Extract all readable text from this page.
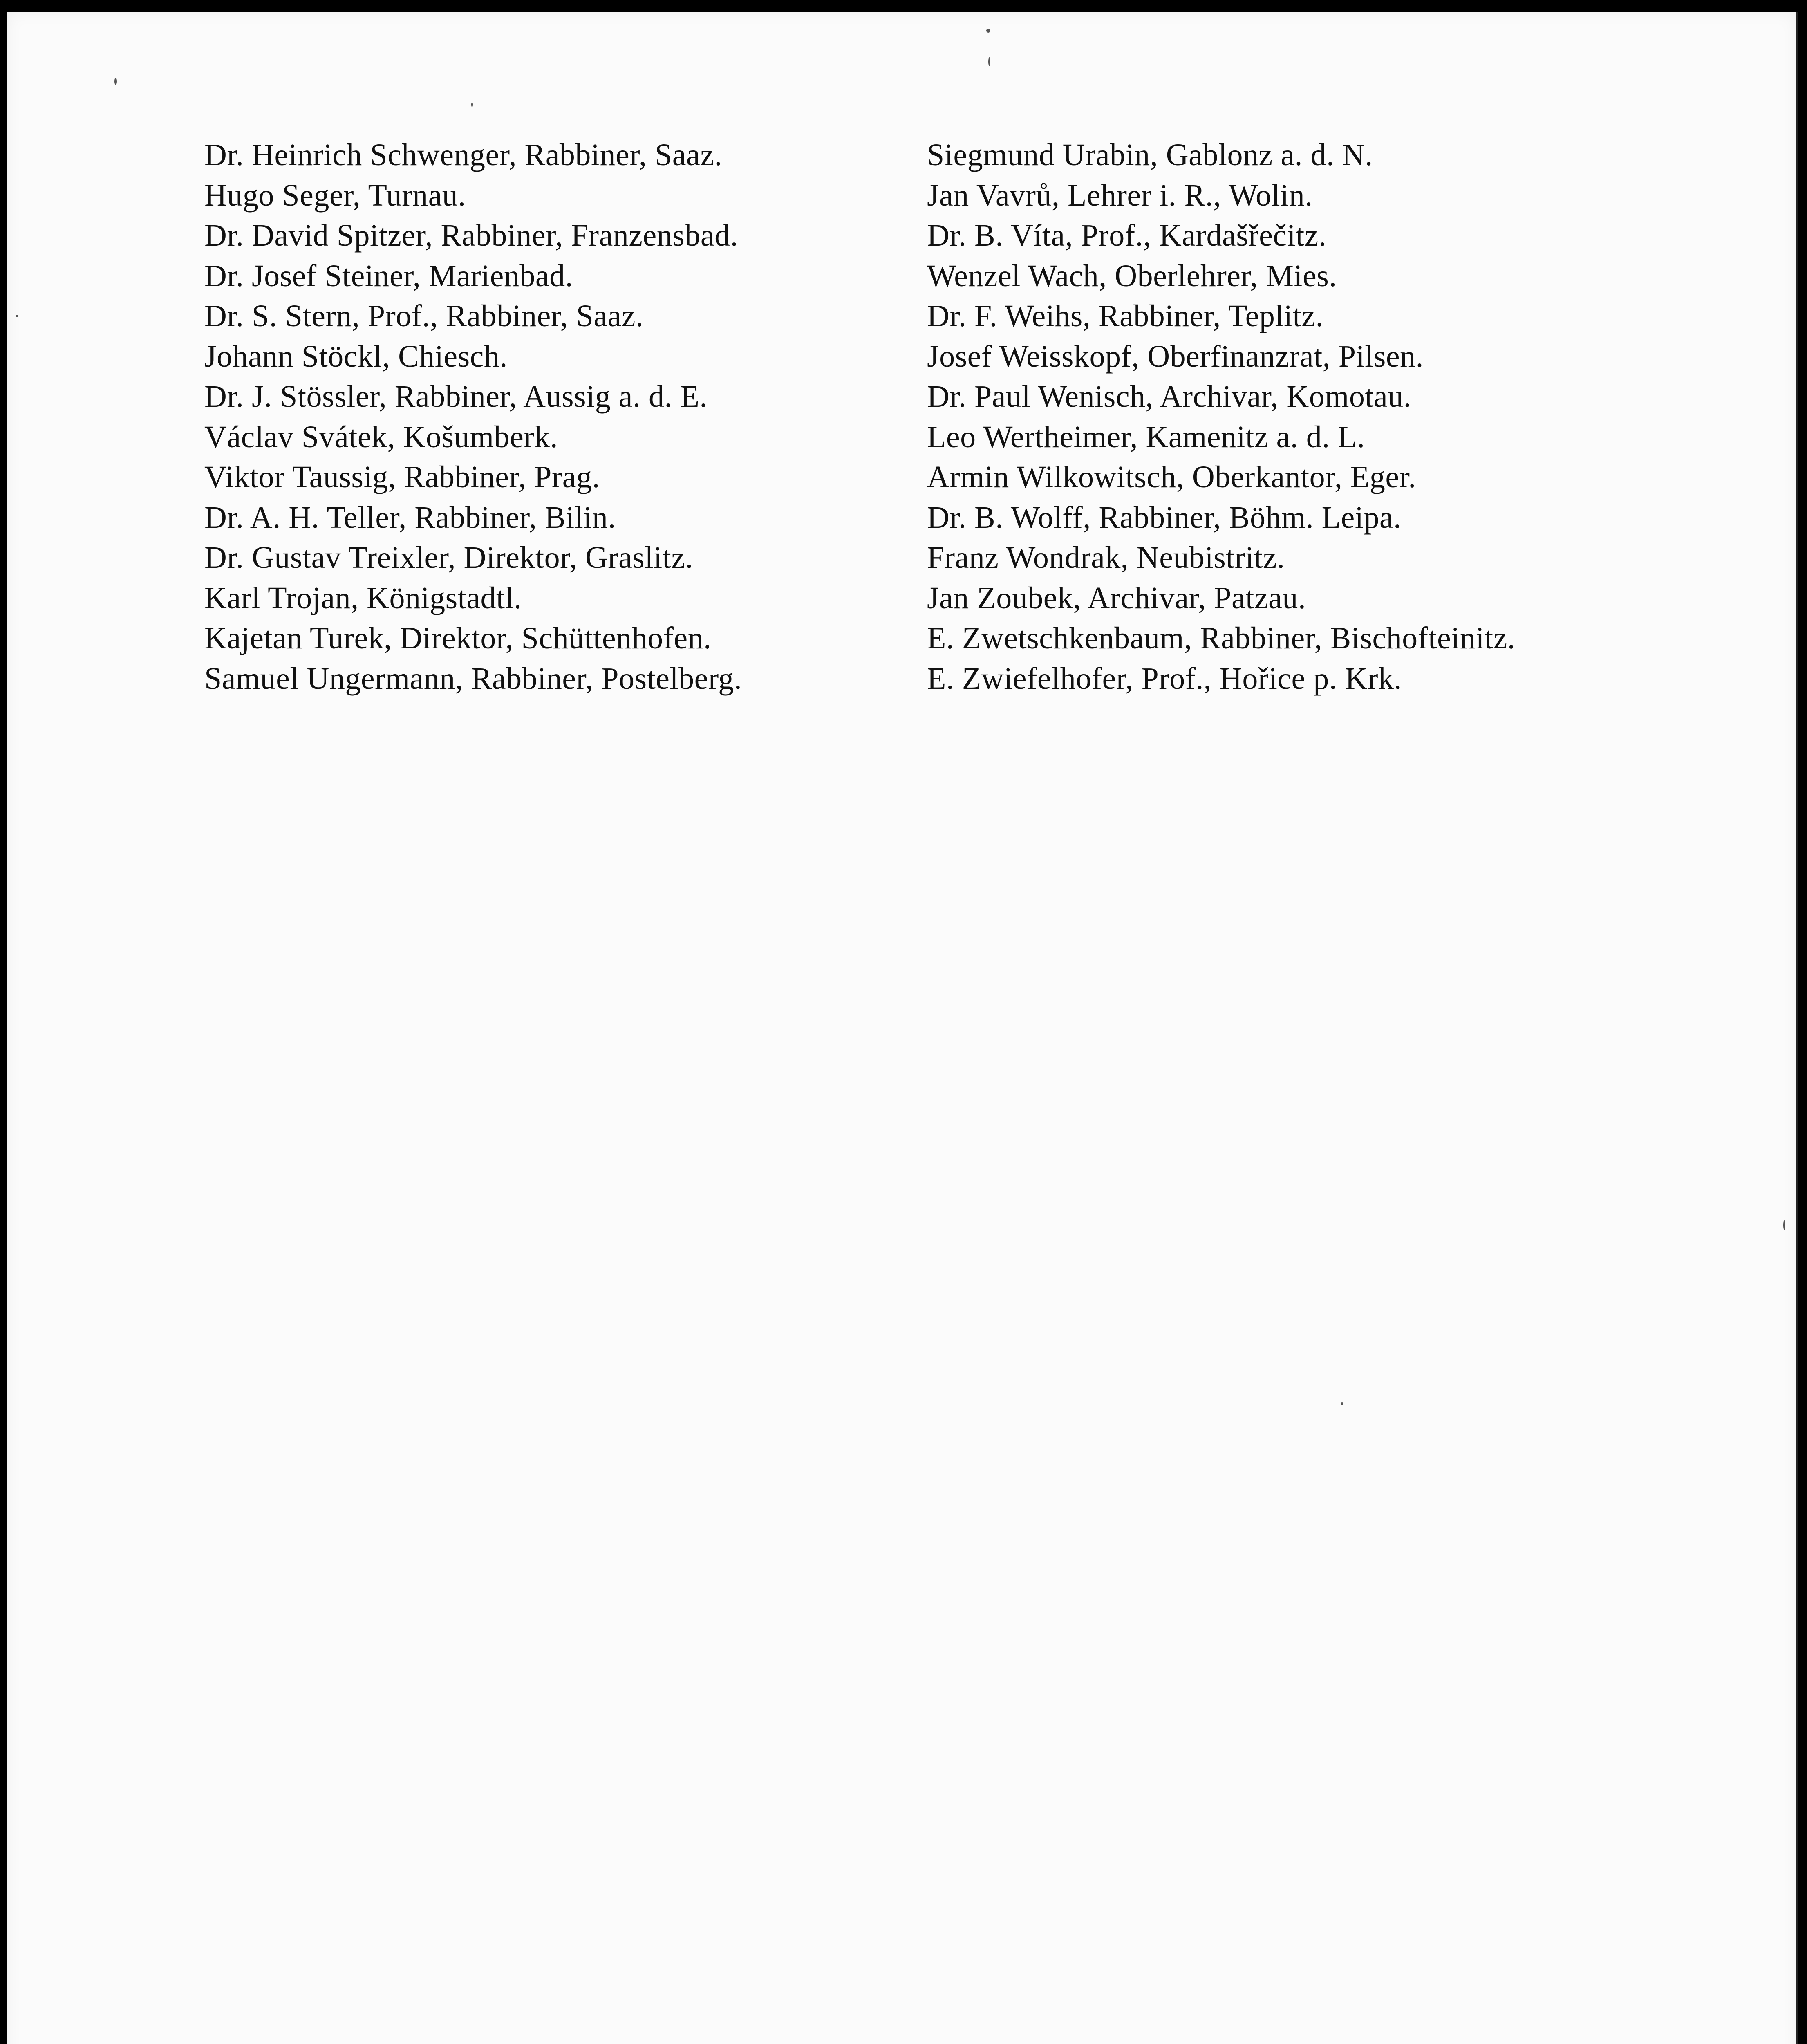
Dr. Heinrich Schwenger, Rabbiner, Saaz.
Hugo Seger, Turnau.
Dr. David Spitzer, Rabbiner, Franzensbad.
Dr. Josef Steiner, Marienbad.
Dr. S. Stern, Prof., Rabbiner, Saaz.
Johann Stöckl, Chiesch.
Dr. J. Stössler, Rabbiner, Aussig a. d. E.
Václav Svátek, Košumberk.
Viktor Taussig, Rabbiner, Prag.
Dr. A. H. Teller, Rabbiner, Bilin.
Dr. Gustav Treixler, Direktor, Graslitz.
Karl Trojan, Königstadtl.
Kajetan Turek, Direktor, Schüttenhofen.
Samuel Ungermann, Rabbiner, Postelberg.
Siegmund Urabin, Gablonz a. d. N.
Jan Vavrů, Lehrer i. R., Wolin.
Dr. B. Víta, Prof., Kardašřečitz.
Wenzel Wach, Oberlehrer, Mies.
Dr. F. Weihs, Rabbiner, Teplitz.
Josef Weisskopf, Oberfinanzrat, Pilsen.
Dr. Paul Wenisch, Archivar, Komotau.
Leo Wertheimer, Kamenitz a. d. L.
Armin Wilkowitsch, Oberkantor, Eger.
Dr. B. Wolff, Rabbiner, Böhm. Leipa.
Franz Wondrak, Neubistritz.
Jan Zoubek, Archivar, Patzau.
E. Zwetschkenbaum, Rabbiner, Bischofteinitz.
E. Zwiefelhofer, Prof., Hořice p. Krk.
